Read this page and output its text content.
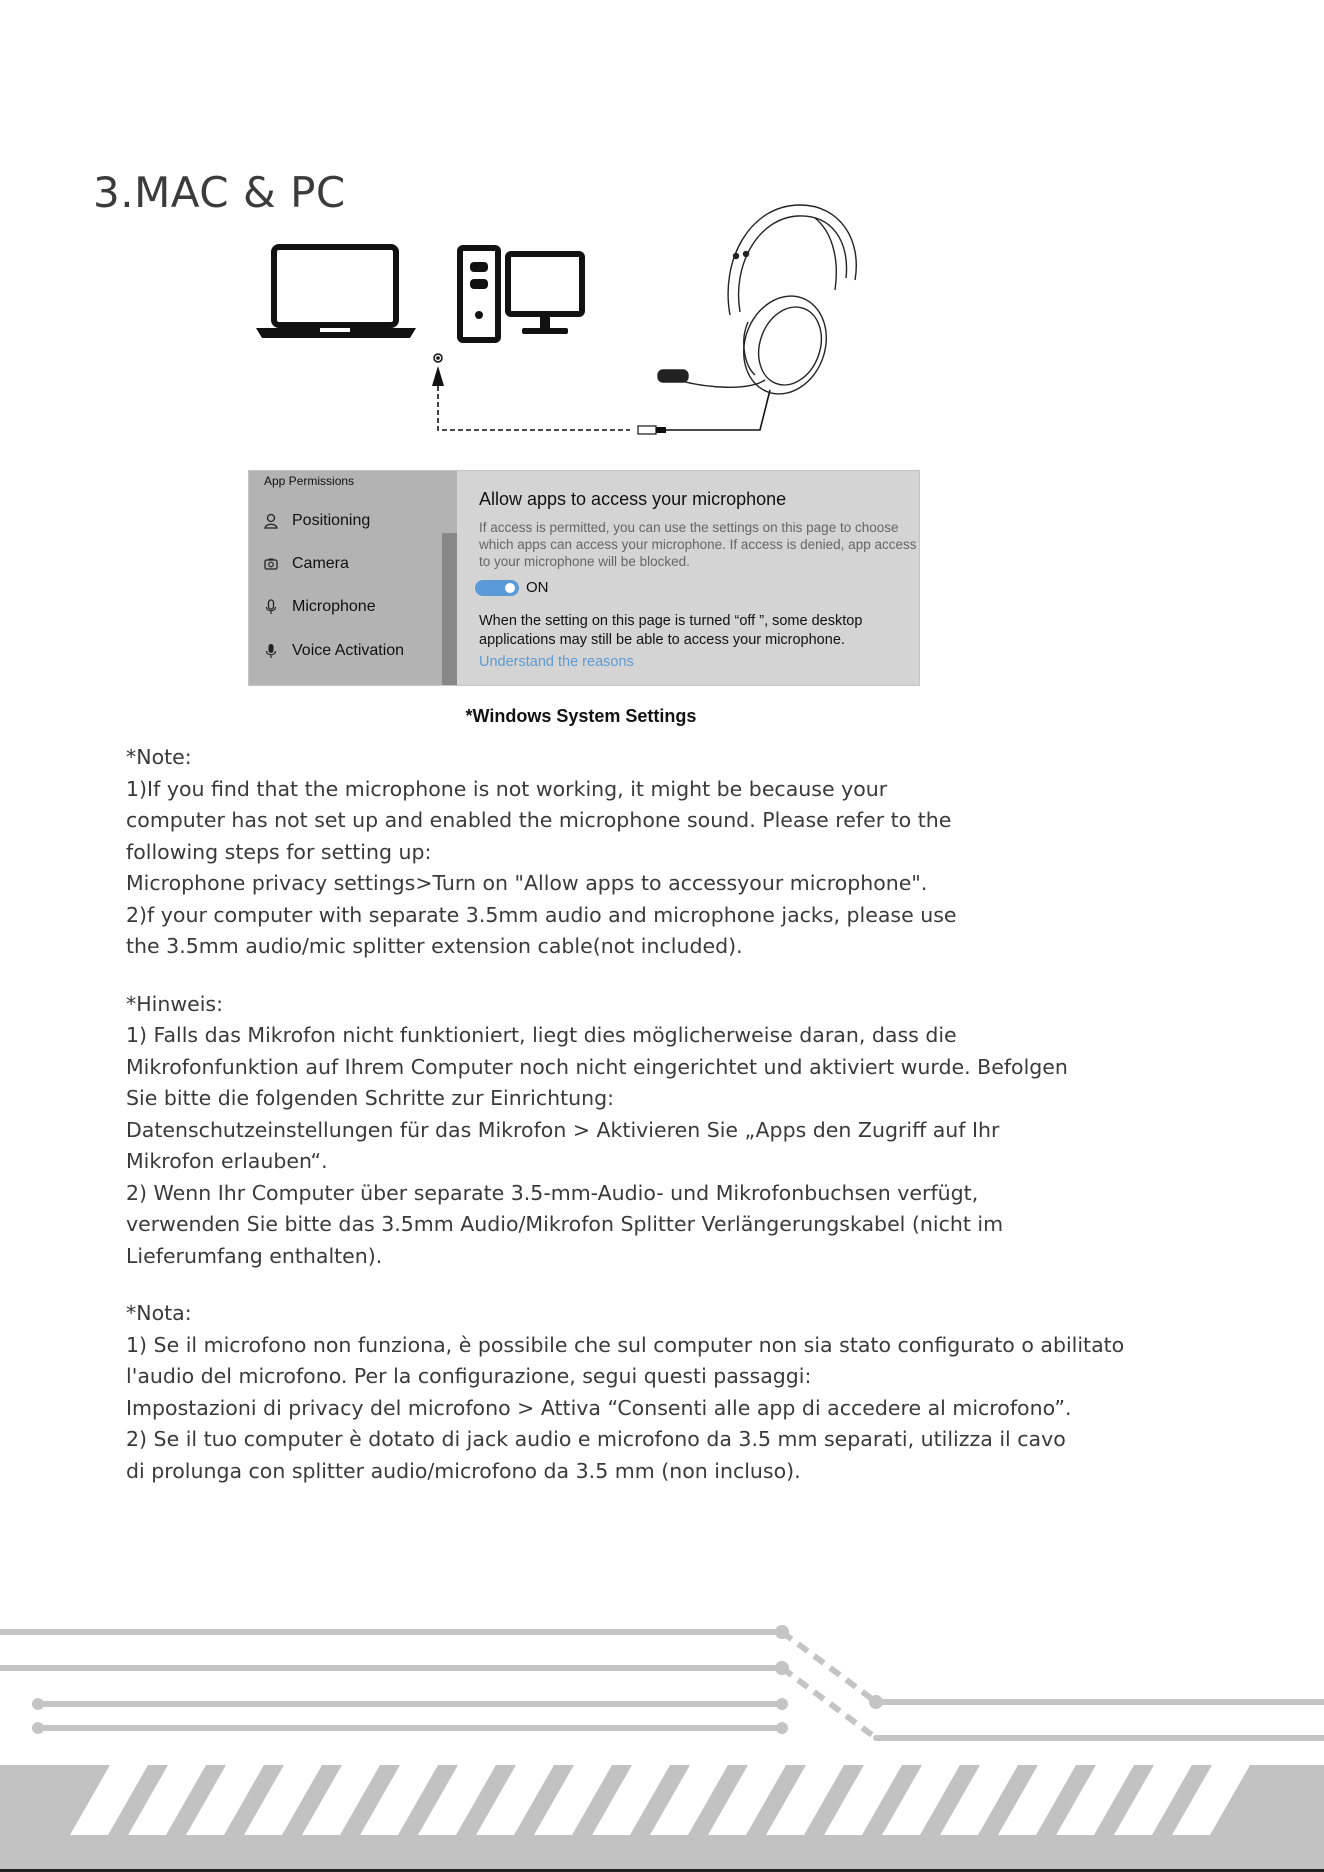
3.MAC & PC
App Permissions
Positioning
Camera
Microphone
Voice Activation
Allow apps to access your microphone
If access is permitted, you can use the settings on this page to choose which apps can access your microphone. If access is denied, app access to your microphone will be blocked.
ON
When the setting on this page is turned “off ”, some desktop applications may still be able to access your microphone.
Understand the reasons
*Windows System Settings

*Note:

1)If you find that the microphone is not working, it might be because your

computer has not set up and enabled the microphone sound. Please refer to the

following steps for setting up:

Microphone privacy settings>Turn on "Allow apps to accessyour microphone".

2)f your computer with separate 3.5mm audio and microphone jacks, please use

the 3.5mm audio/mic splitter extension cable(not included).

*Hinweis:

1) Falls das Mikrofon nicht funktioniert, liegt dies möglicherweise daran, dass die

Mikrofonfunktion auf Ihrem Computer noch nicht eingerichtet und aktiviert wurde. Befolgen

Sie bitte die folgenden Schritte zur Einrichtung:

Datenschutzeinstellungen für das Mikrofon > Aktivieren Sie „Apps den Zugriff auf Ihr

Mikrofon erlauben“.

2) Wenn Ihr Computer über separate 3.5-mm-Audio- und Mikrofonbuchsen verfügt,

verwenden Sie bitte das 3.5mm Audio/Mikrofon Splitter Verlängerungskabel (nicht im

Lieferumfang enthalten).

*Nota:

1) Se il microfono non funziona, è possibile che sul computer non sia stato configurato o abilitato

l'audio del microfono. Per la configurazione, segui questi passaggi:

Impostazioni di privacy del microfono > Attiva “Consenti alle app di accedere al microfono”.

2) Se il tuo computer è dotato di jack audio e microfono da 3.5 mm separati, utilizza il cavo

di prolunga con splitter audio/microfono da 3.5 mm (non incluso).
